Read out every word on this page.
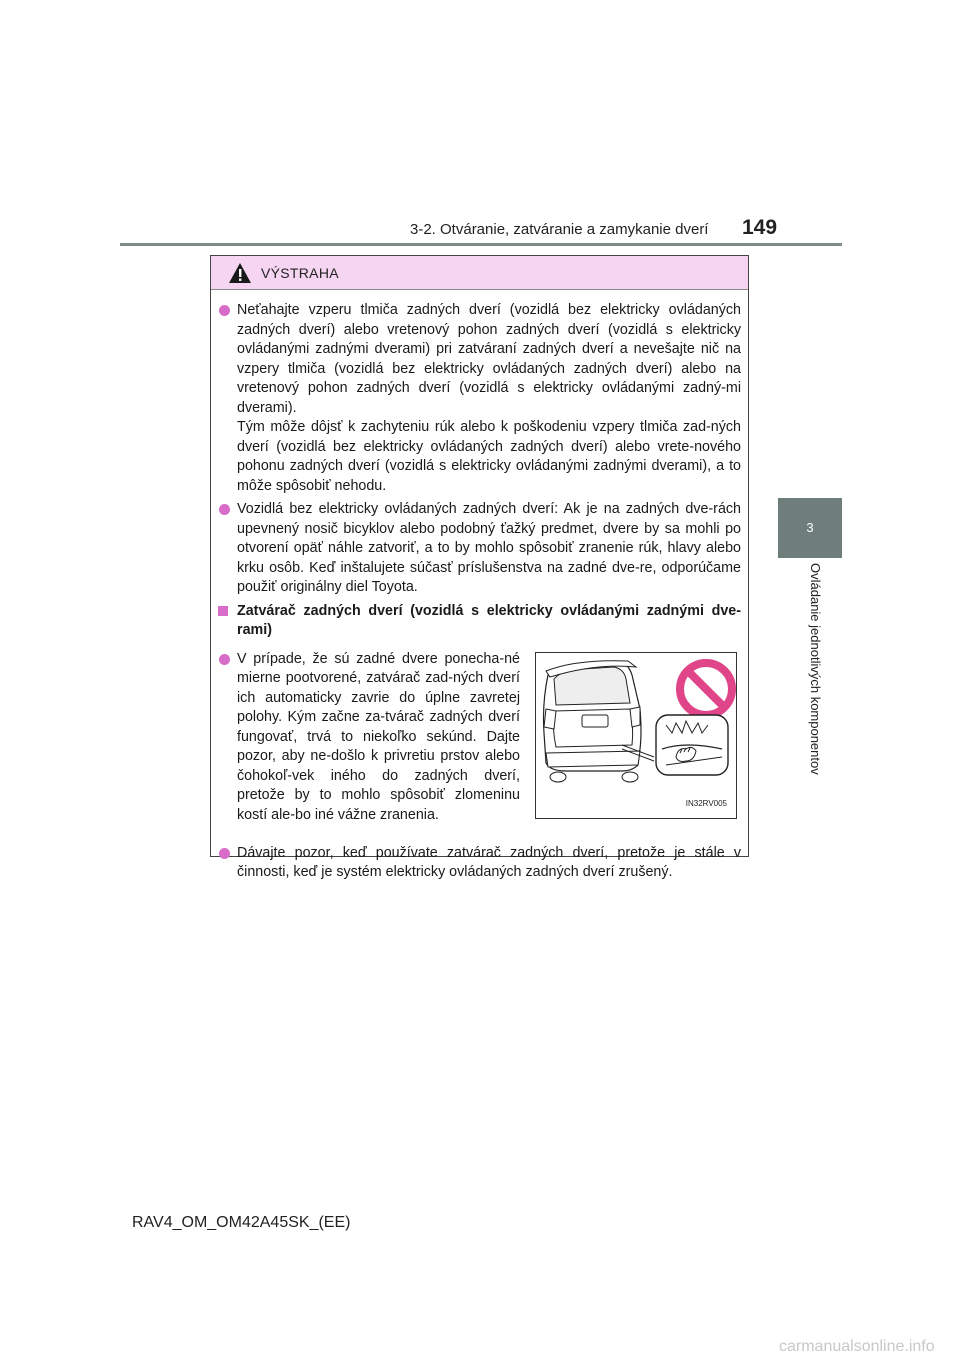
3-2. Otváranie, zatváranie a zamykanie dverí 149
3
Ovládanie jednotlivých komponentov
VÝSTRAHA
Neťahajte vzperu tlmiča zadných dverí (vozidlá bez elektricky ovládaných zadných dverí) alebo vretenový pohon zadných dverí (vozidlá s elektricky ovládanými zadnými dverami) pri zatváraní zadných dverí a nevešajte nič na vzpery tlmiča (vozidlá bez elektricky ovládaných zadných dverí) alebo na vretenový pohon zadných dverí (vozidlá s elektricky ovládanými zadný-mi dverami).
Tým môže dôjsť k zachyteniu rúk alebo k poškodeniu vzpery tlmiča zad-ných dverí (vozidlá bez elektricky ovládaných zadných dverí) alebo vrete-nového pohonu zadných dverí (vozidlá s elektricky ovládanými zadnými dverami), a to môže spôsobiť nehodu.
Vozidlá bez elektricky ovládaných zadných dverí: Ak je na zadných dve-rách upevnený nosič bicyklov alebo podobný ťažký predmet, dvere by sa mohli po otvorení opäť náhle zatvoriť, a to by mohlo spôsobiť zranenie rúk, hlavy alebo krku osôb. Keď inštalujete súčasť príslušenstva na zadné dve-re, odporúčame použiť originálny diel Toyota.
Zatvárač zadných dverí (vozidlá s elektricky ovládanými zadnými dve-rami)
V prípade, že sú zadné dvere ponecha-né mierne pootvorené, zatvárač zad-ných dverí ich automaticky zavrie do úplne zavretej polohy. Kým začne za-tvárač zadných dverí fungovať, trvá to niekoľko sekúnd. Dajte pozor, aby ne-došlo k privretiu prstov alebo čohokoľ-vek iného do zadných dverí, pretože by to mohlo spôsobiť zlomeninu kostí ale-bo iné vážne zranenia.
IN32RV005
Dávajte pozor, keď používate zatvárač zadných dverí, pretože je stále v činnosti, keď je systém elektricky ovládaných zadných dverí zrušený.
RAV4_OM_OM42A45SK_(EE)
carmanualsonline.info
